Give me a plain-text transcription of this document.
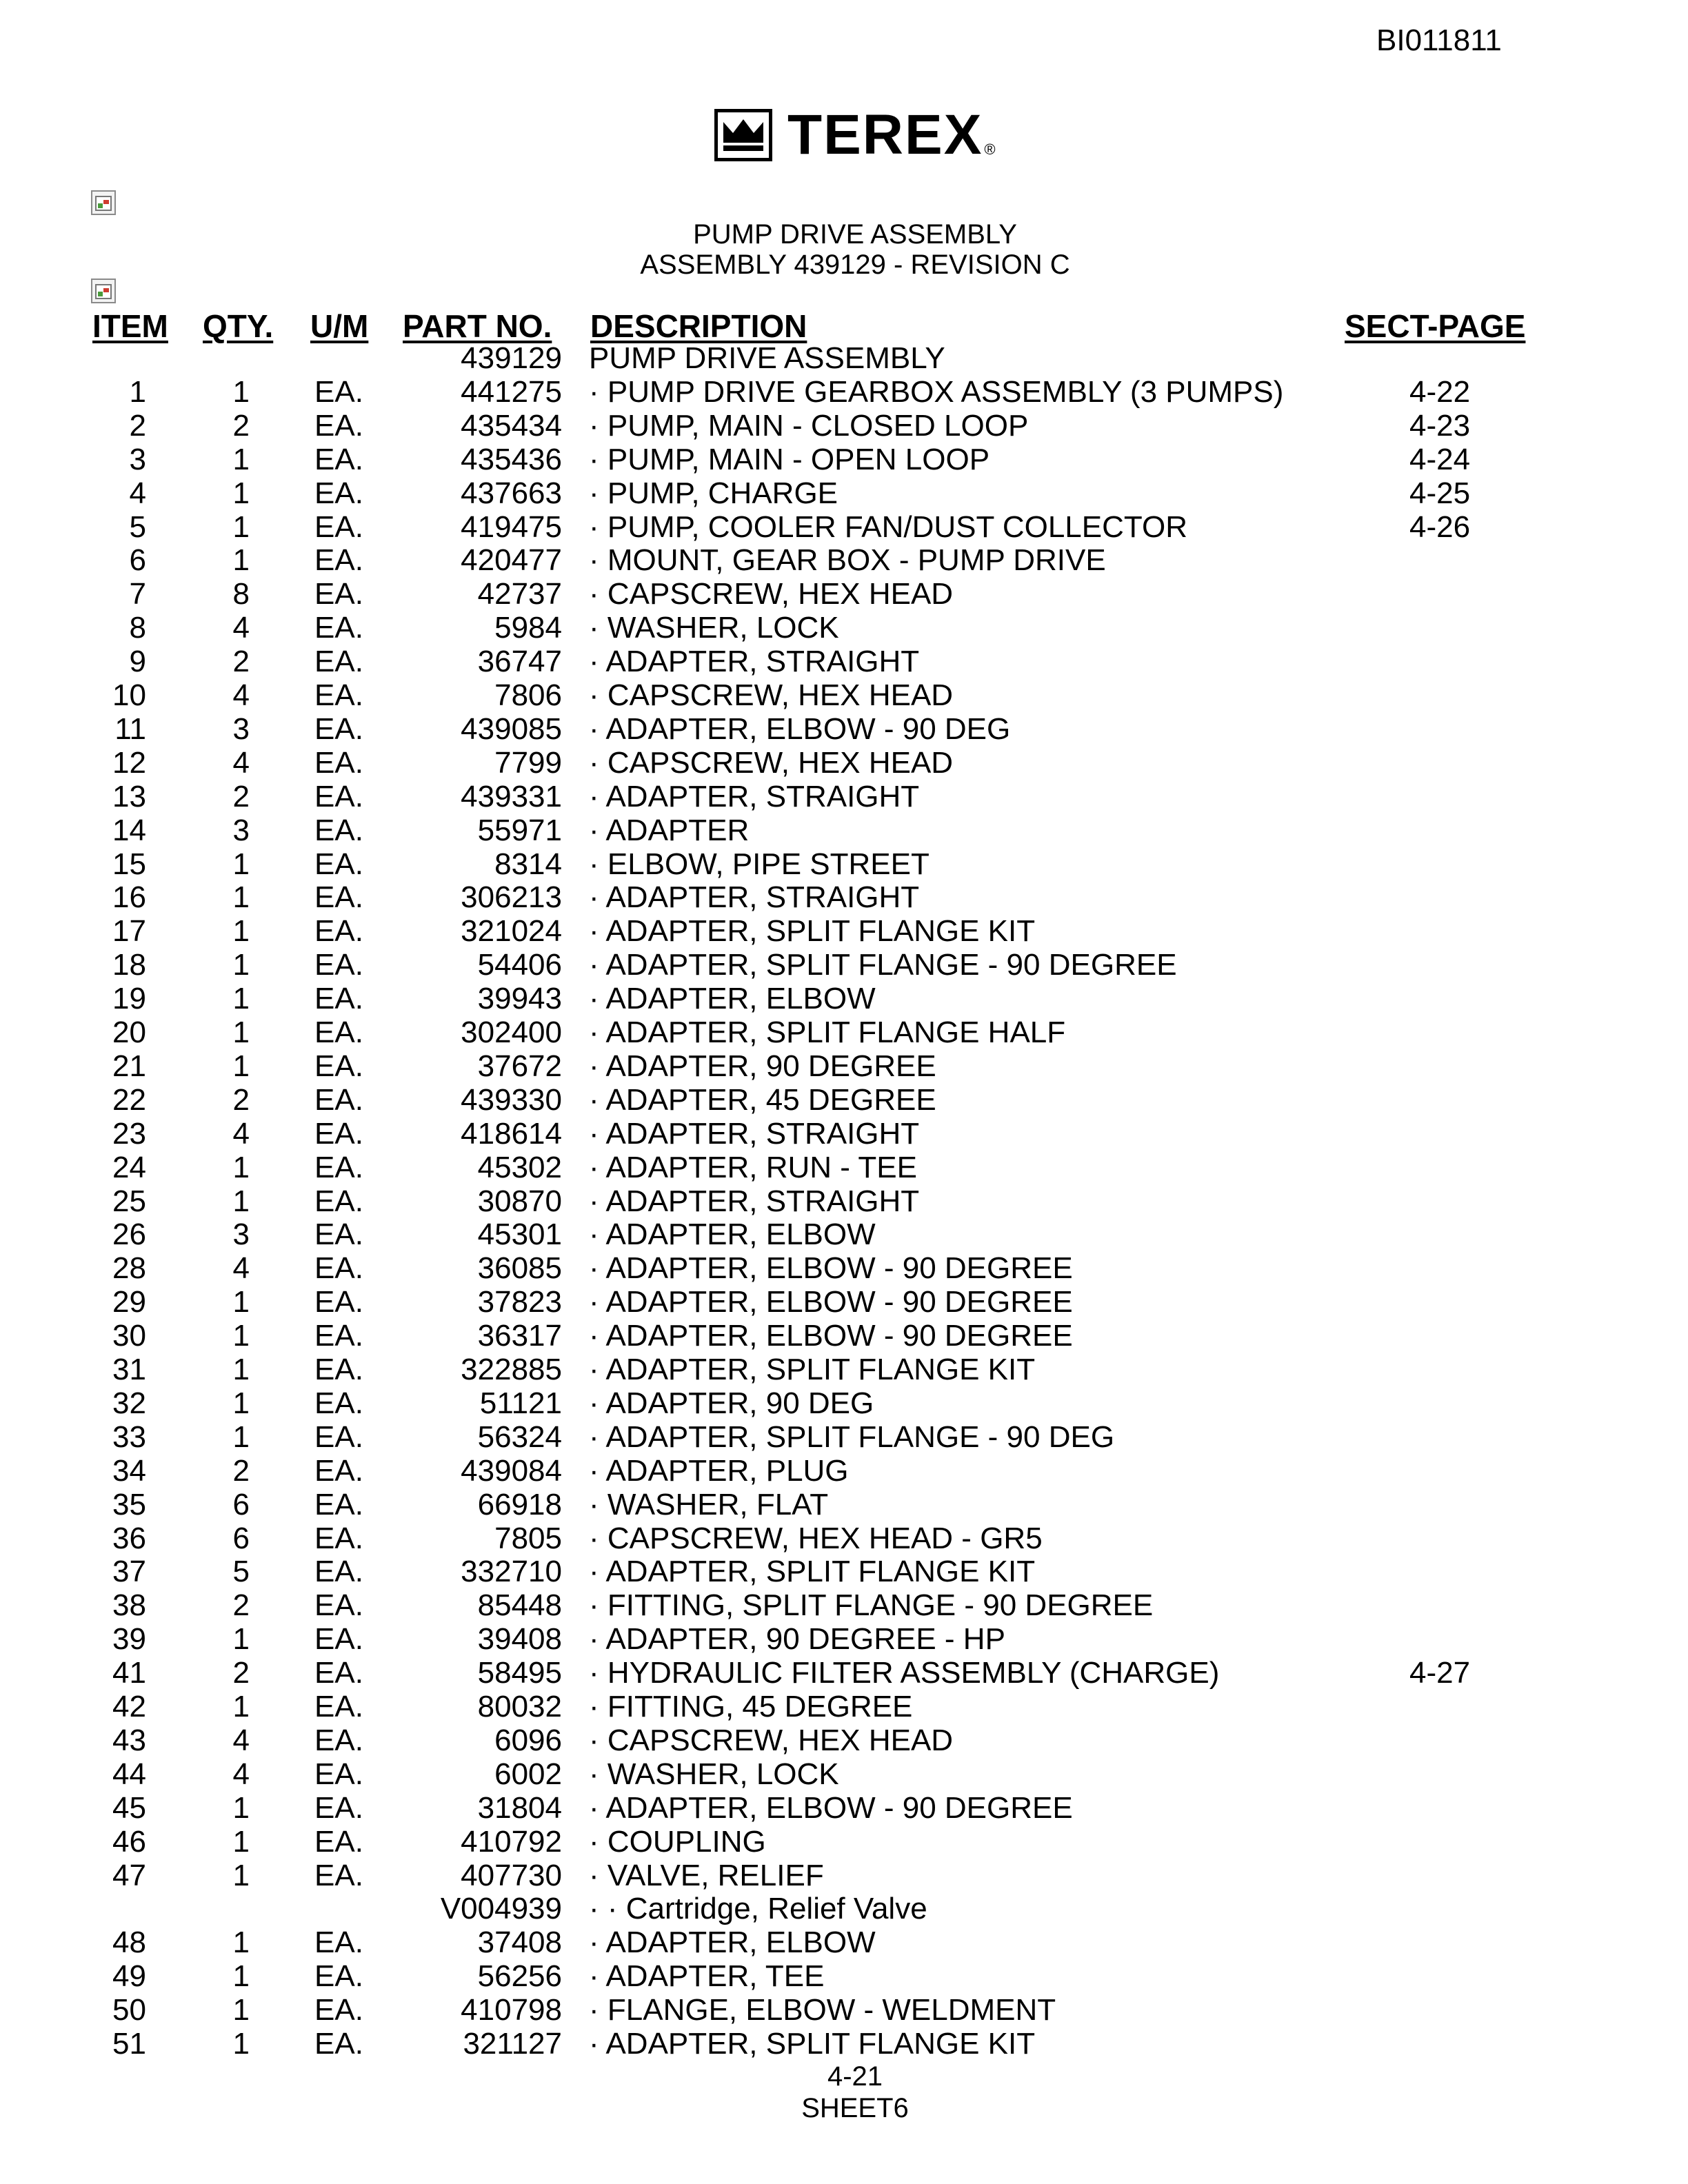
BI011811
TEREX ®
PUMP DRIVE ASSEMBLY
ASSEMBLY 439129 - REVISION C
ITEM QTY. U/M PART NO. DESCRIPTION	SECT-PAGE
439129 PUMP DRIVE ASSEMBLY
1	1 EA.	441275 · PUMP DRIVE GEARBOX ASSEMBLY (3 PUMPS)	4-22
2	2 EA.	435434 · PUMP, MAIN - CLOSED LOOP	4-23
3	1 EA.	435436 · PUMP, MAIN - OPEN LOOP	4-24
4	1 EA.	437663 · PUMP, CHARGE	4-25
5	1 EA.	419475 · PUMP, COOLER FAN/DUST COLLECTOR	4-26
6	1 EA.	420477 · MOUNT, GEAR BOX - PUMP DRIVE
7	8 EA.	42737 · CAPSCREW, HEX HEAD
8	4 EA.	5984 · WASHER, LOCK
9	2 EA.	36747 · ADAPTER, STRAIGHT
10	4 EA.	7806 · CAPSCREW, HEX HEAD
11	3 EA.	439085 · ADAPTER, ELBOW - 90 DEG
12	4 EA.	7799 · CAPSCREW, HEX HEAD
13	2 EA.	439331 · ADAPTER, STRAIGHT
14	3 EA.	55971 · ADAPTER
15	1 EA.	8314 · ELBOW, PIPE STREET
16	1 EA.	306213 · ADAPTER, STRAIGHT
17	1 EA.	321024 · ADAPTER, SPLIT FLANGE KIT
18	1 EA.	54406 · ADAPTER, SPLIT FLANGE - 90 DEGREE
19	1 EA.	39943 · ADAPTER, ELBOW
20	1 EA.	302400 · ADAPTER, SPLIT FLANGE HALF
21	1 EA.	37672 · ADAPTER, 90 DEGREE
22	2 EA.	439330 · ADAPTER, 45 DEGREE
23	4 EA.	418614 · ADAPTER, STRAIGHT
24	1 EA.	45302 · ADAPTER, RUN - TEE
25	1 EA.	30870 · ADAPTER, STRAIGHT
26	3 EA.	45301 · ADAPTER, ELBOW
28	4 EA.	36085 · ADAPTER, ELBOW - 90 DEGREE
29	1 EA.	37823 · ADAPTER, ELBOW - 90 DEGREE
30	1 EA.	36317 · ADAPTER, ELBOW - 90 DEGREE
31	1 EA.	322885 · ADAPTER, SPLIT FLANGE KIT
32	1 EA.	51121 · ADAPTER, 90 DEG
33	1 EA.	56324 · ADAPTER, SPLIT FLANGE - 90 DEG
34	2 EA.	439084 · ADAPTER, PLUG
35	6 EA.	66918 · WASHER, FLAT
36	6 EA.	7805 · CAPSCREW, HEX HEAD - GR5
37	5 EA.	332710 · ADAPTER, SPLIT FLANGE KIT
38	2 EA.	85448 · FITTING, SPLIT FLANGE - 90 DEGREE
39	1 EA.	39408 · ADAPTER, 90 DEGREE - HP
41	2 EA.	58495 · HYDRAULIC FILTER ASSEMBLY (CHARGE)	4-27
42	1 EA.	80032 · FITTING, 45 DEGREE
43	4 EA.	6096 · CAPSCREW, HEX HEAD
44	4 EA.	6002 · WASHER, LOCK
45	1 EA.	31804 · ADAPTER, ELBOW - 90 DEGREE
46	1 EA.	410792 · COUPLING
47	1 EA.	407730 · VALVE, RELIEF
V004939 · · Cartridge, Relief Valve
48	1 EA.	37408 · ADAPTER, ELBOW
49	1 EA.	56256 · ADAPTER, TEE
50	1 EA.	410798 · FLANGE, ELBOW - WELDMENT
51	1 EA.	321127 · ADAPTER, SPLIT FLANGE KIT
4-21
SHEET6
